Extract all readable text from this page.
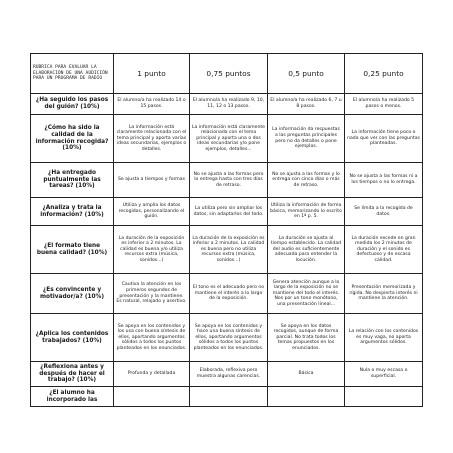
RÚBRICA PARA EVALUAR LA ELABORACIÓN DE UNA AUDICIÓN PARA UN PROGRAMA DE RADIO	1 punto	0,75 puntos	0,5 punto	0,25 punto
¿Ha seguido los pasos del guión? (10%)	El alumno/a ha realizado 14 o 15 pasos.	El alumno/a ha realizado 9, 10, 11, 12 o 13 pasos.	El alumno/a ha realizado 6, 7 u 8 pasos.	El alumno/a ha realizado 5 pasos o menos.
¿Cómo ha sido la calidad de la información recogida? (10%)	La información está claramente relacionada con el tema principal y aporta varias ideas secundarias, ejemplos o detalles.	La información está claramente relacionada con el tema principal y aporta una o dos ideas secundarias y/o pone ejemplos, detalles...	La información da respuestas a las preguntas principales pero no da detalles o pone ejemplos.	La información tiene poco o nada que ver con las preguntas planteadas.
¿Ha entregado puntualmente las tareas? (10%)	Se ajusta a tiempos y formas	No se ajusta a las formas pero lo entrega hasta con tres días de retraso.	No se ajusta a las formas y lo entrega con cinco días o más de retraso.	No se ajusta a las formas ni a los tiempos o no lo entrega.
¿Analiza y trata la información? (10%)	Utiliza y amplía los datos recogidos, personalizando el guión.	La utiliza pero sin ampliar los datos, sin adaptarlos del todo.	Utiliza la información de forma básica, memorizando lo escrito en 1ª p. 5.	Se limita a la recogida de datos.
¿El formato tiene buena calidad? (10%)	La duración de la exposición es inferior a 2 minutos. La calidad es buena y/o utiliza recursos extra (música, sonidos...)	La duración de la exposición es inferior a 2 minutos. La calidad es buena pero no utiliza recursos extra (música, sonidos...)	La duración se ajusta al tiempo establecido. La calidad del audio es suficientemente adecuada para entender la locución.	La duración excede en gran medida los 2 minutos de duración y el sonido es defectuoso y de escasa calidad.
¿Es convincente y motivador/a? (10%)	Cautiva la atención en los primeros segundos de presentación y la mantiene. Es natural, relajado y asertivo.	El tono es el adecuado pero no mantiene el interés a lo largo de la exposición.	Genera atención aunque a lo largo de la exposición no se mantiene del todo el interés. Nos por un tono monótono, una presentación lineal...	Presentación memorizada y rígida. No despierta interés ni mantiene la atención.
¿Aplica los contenidos trabajados? (10%)	Se apoya en los contenidos y los usa con buena síntesis de ellos, aportando argumentos sólidos a todos los puntos planteados en los enunciados.	Se apoya en los contenidos y hace una buena síntesis de ellos, aportando argumentos sólidos a todos los puntos planteados en los enunciados.	Se apoya en los datos recogidos, aunque de forma parcial. No trata todos los temas propuestos en los enunciados.	La relación con los contenidos es muy vaga, no aporta argumentos sólidos.
¿Reflexiona antes y después de hacer el trabajo? (10%)	Profunda y detallada	Elaborada, reflexiva pero muestra algunas carencias.	Básica	Nula o muy escasa o superficial.
¿El alumno ha incorporado las				
